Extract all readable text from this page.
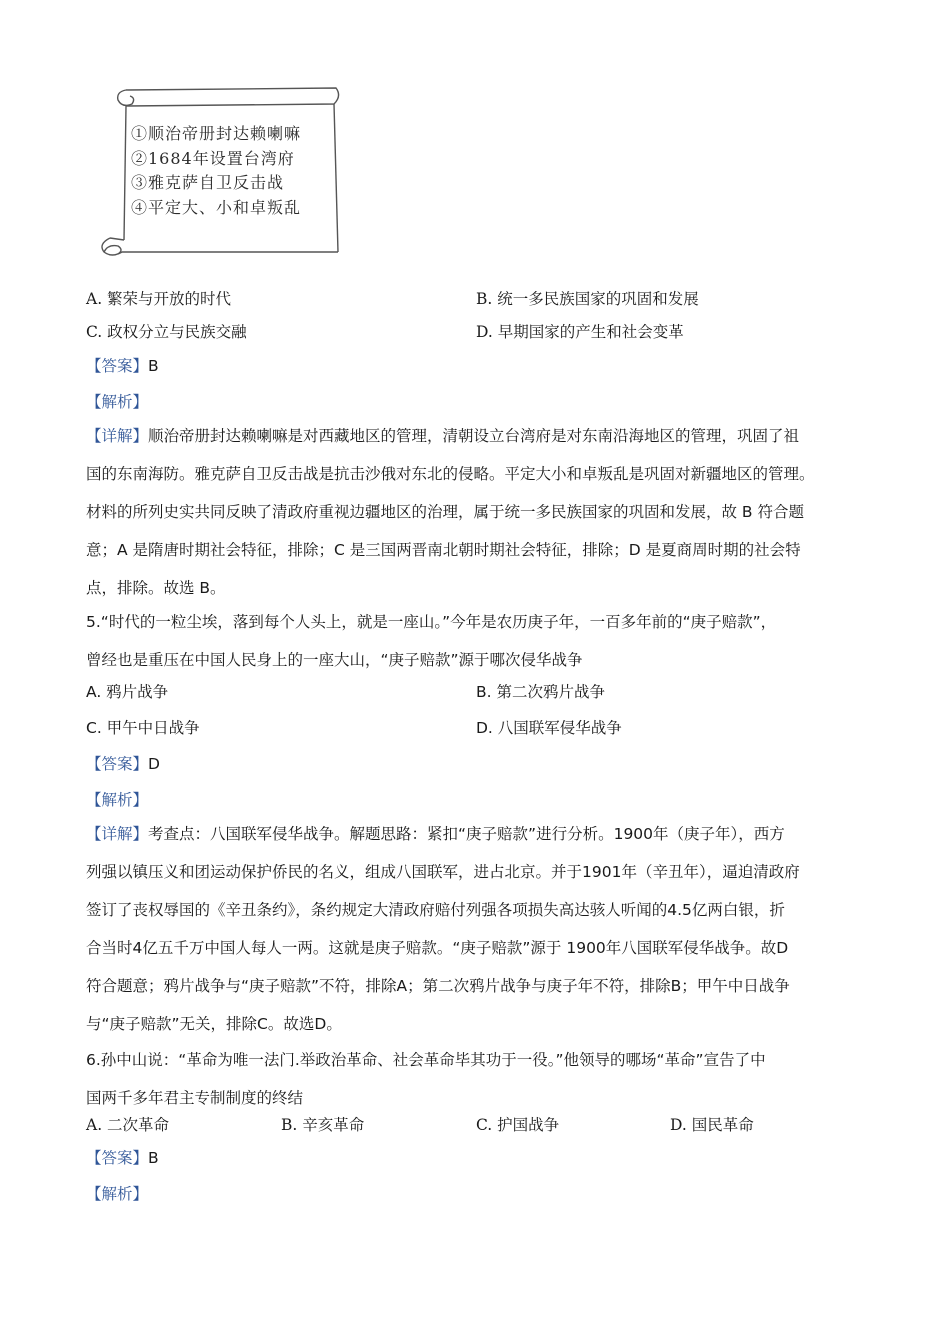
①顺治帝册封达赖喇嘛
②1684年设置台湾府
③雅克萨自卫反击战
④平定大、小和卓叛乱
A. 繁荣与开放的时代	B. 统一多民族国家的巩固和发展
C. 政权分立与民族交融	D. 早期国家的产生和社会变革
【答案】B
【解析】

【详解】顺治帝册封达赖喇嘛是对西藏地区的管理，清朝设立台湾府是对东南沿海地区的管理，巩固了祖

国的东南海防。雅克萨自卫反击战是抗击沙俄对东北的侵略。平定大小和卓叛乱是巩固对新疆地区的管理。

材料的所列史实共同反映了清政府重视边疆地区的治理，属于统一多民族国家的巩固和发展，故 B 符合题

意；A 是隋唐时期社会特征，排除；C 是三国两晋南北朝时期社会特征，排除；D 是夏商周时期的社会特

点，排除。故选 B。

5.“时代的一粒尘埃，落到每个人头上，就是一座山。”今年是农历庚子年，一百多年前的“庚子赔款”，

曾经也是重压在中国人民身上的一座大山，“庚子赔款”源于哪次侵华战争

A. 鸦片战争	B. 第二次鸦片战争
C. 甲午中日战争	D. 八国联军侵华战争
【答案】D
【解析】

【详解】考查点：八国联军侵华战争。解题思路：紧扣“庚子赔款”进行分析。1900年（庚子年），西方

列强以镇压义和团运动保护侨民的名义，组成八国联军，进占北京。并于1901年（辛丑年），逼迫清政府

签订了丧权辱国的《辛丑条约》，条约规定大清政府赔付列强各项损失高达骇人听闻的4.5亿两白银，折

合当时4亿五千万中国人每人一两。这就是庚子赔款。“庚子赔款”源于 1900年八国联军侵华战争。故D

符合题意；鸦片战争与“庚子赔款”不符，排除A；第二次鸦片战争与庚子年不符，排除B；甲午中日战争

与“庚子赔款”无关，排除C。故选D。

6.孙中山说：“革命为唯一法门.举政治革命、社会革命毕其功于一役。”他领导的哪场“革命”宣告了中

国两千多年君主专制制度的终结

A. 二次革命	B. 辛亥革命	C. 护国战争	D. 国民革命
【答案】B
【解析】
